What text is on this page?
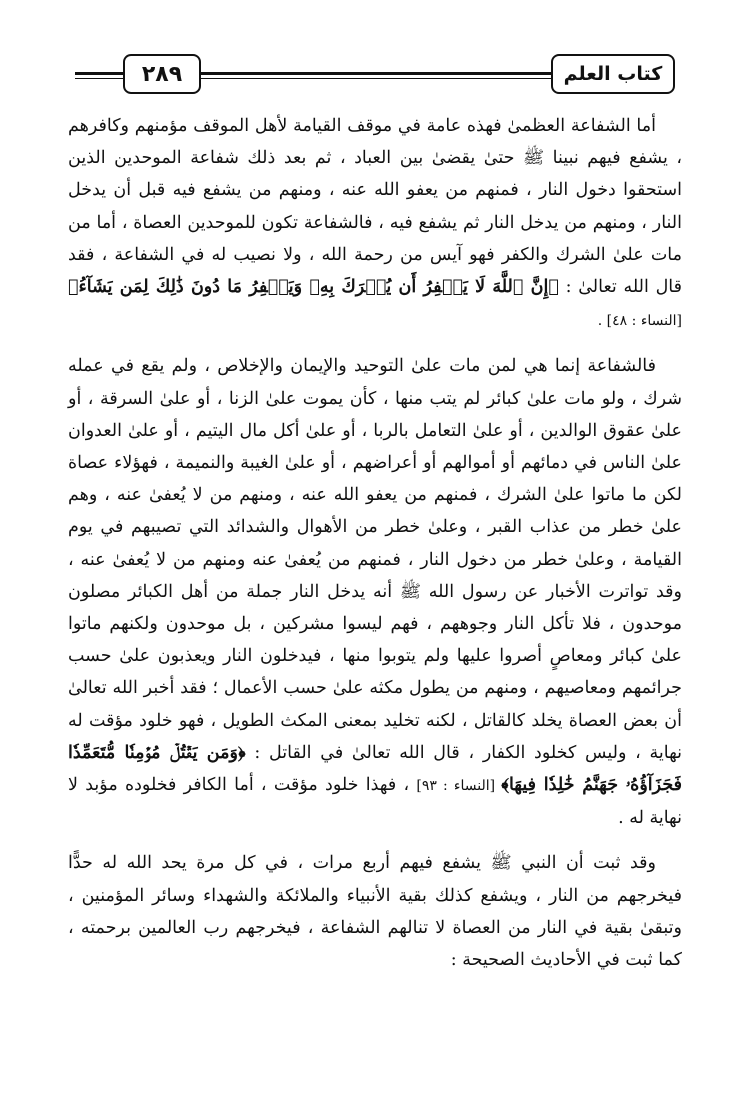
٢٨٩	كتاب العلم

أما الشفاعة العظمىٰ فهذه عامة في موقف القيامة لأهل الموقف مؤمنهم وكافرهم ، يشفع فيهم نبينا ﷺ حتىٰ يقضىٰ بين العباد ، ثم بعد ذلك شفاعة الموحدين الذين استحقوا دخول النار ، فمنهم من يعفو الله عنه ، ومنهم من يشفع فيه قبل أن يدخل النار ، ومنهم من يدخل النار ثم يشفع فيه ، فالشفاعة تكون للموحدين العصاة ، أما من مات علىٰ الشرك والكفر فهو آيس من رحمة الله ، ولا نصيب له في الشفاعة ، فقد قال الله تعالىٰ : ﴿إِنَّ ٱللَّهَ لَا يَغۡفِرُ أَن يُشۡرَكَ بِهِۦ وَيَغۡفِرُ مَا دُونَ ذَٰلِكَ لِمَن يَشَآءُ﴾ [النساء : ٤٨] .

فالشفاعة إنما هي لمن مات علىٰ التوحيد والإيمان والإخلاص ، ولم يقع في عمله شرك ، ولو مات علىٰ كبائر لم يتب منها ، كأن يموت علىٰ الزنا ، أو علىٰ السرقة ، أو علىٰ عقوق الوالدين ، أو علىٰ التعامل بالربا ، أو علىٰ أكل مال اليتيم ، أو علىٰ العدوان علىٰ الناس في دمائهم أو أموالهم أو أعراضهم ، أو علىٰ الغيبة والنميمة ، فهؤلاء عصاة لكن ما ماتوا علىٰ الشرك ، فمنهم من يعفو الله عنه ، ومنهم من لا يُعفىٰ عنه ، وهم علىٰ خطر من عذاب القبر ، وعلىٰ خطر من الأهوال والشدائد التي تصيبهم في يوم القيامة ، وعلىٰ خطر من دخول النار ، فمنهم من يُعفىٰ عنه ومنهم من لا يُعفىٰ عنه ، وقد تواترت الأخبار عن رسول الله ﷺ أنه يدخل النار جملة من أهل الكبائر مصلون موحدون ، فلا تأكل النار وجوههم ، فهم ليسوا مشركين ، بل موحدون ولكنهم ماتوا علىٰ كبائر ومعاصٍ أصروا عليها ولم يتوبوا منها ، فيدخلون النار ويعذبون علىٰ حسب جرائمهم ومعاصيهم ، ومنهم من يطول مكثه علىٰ حسب الأعمال ؛ فقد أخبر الله تعالىٰ أن بعض العصاة يخلد كالقاتل ، لكنه تخليد بمعنى المكث الطويل ، فهو خلود مؤقت له نهاية ، وليس كخلود الكفار ، قال الله تعالىٰ في القاتل : ﴿وَمَن يَقۡتُلۡ مُؤۡمِنٗا مُّتَعَمِّدٗا فَجَزَآؤُهُۥ جَهَنَّمُ خَٰلِدٗا فِيهَا﴾ [النساء : ٩٣] ، فهذا خلود مؤقت ، أما الكافر فخلوده مؤبد لا نهاية له .

وقد ثبت أن النبي ﷺ يشفع فيهم أربع مرات ، في كل مرة يحد الله له حدًّا فيخرجهم من النار ، ويشفع كذلك بقية الأنبياء والملائكة والشهداء وسائر المؤمنين ، وتبقىٰ بقية في النار من العصاة لا تنالهم الشفاعة ، فيخرجهم رب العالمين برحمته ، كما ثبت في الأحاديث الصحيحة :
